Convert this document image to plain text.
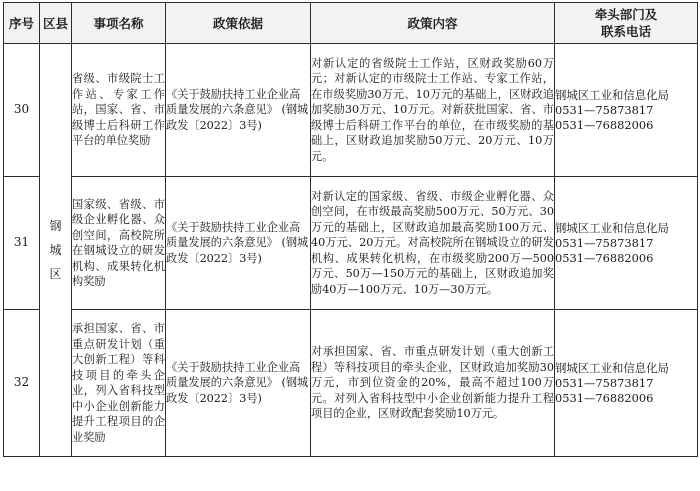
序号	区县	事项名称	政策依据	政策内容	牵头部门及
联系电话

30	钢城区	省级、市级院士工作站、专家工作站，国家、省、市级博士后科研工作平台的单位奖励	《关于鼓励扶持工业企业高质量发展的六条意见》 (钢城政发〔2022〕3号)	对新认定的省级院士工作站，区财政奖励60万元；对新认定的市级院士工作站、专家工作站，在市级奖励30万元、10万元的基础上，区财政追加奖励30万元、10万元。对新获批国家、省、市级博士后科研工作平台的单位，在市级奖励的基础上，区财政追加奖励50万元、20万元、10万元。	钢城区工业和信息化局
0531—75873817
0531—76882006

31		国家级、省级、市级企业孵化器、众创空间，高校院所在钢城设立的研发机构、成果转化机构奖励	《关于鼓励扶持工业企业高质量发展的六条意见》 (钢城政发〔2022〕3号)	对新认定的国家级、省级、市级企业孵化器、众创空间，在市级最高奖励500万元、50万元、30万元的基础上，区财政追加最高奖励100万元、40万元、20万元。对高校院所在钢城设立的研发机构、成果转化机构，在市级奖励200万—500万元、50万—150万元的基础上，区财政追加奖励40万—100万元、10万—30万元。	钢城区工业和信息化局
0531—75873817
0531—76882006

32		承担国家、省、市重点研发计划（重大创新工程）等科技项目的牵头企业，列入省科技型中小企业创新能力提升工程项目的企业奖励	《关于鼓励扶持工业企业高质量发展的六条意见》 (钢城政发〔2022〕3号)	对承担国家、省、市重点研发计划（重大创新工程）等科技项目的牵头企业，区财政追加奖励30万元，市到位资金的20%，最高不超过100万元。对列入省科技型中小企业创新能力提升工程项目的企业，区财政配套奖励10万元。	钢城区工业和信息化局
0531—75873817
0531—76882006
